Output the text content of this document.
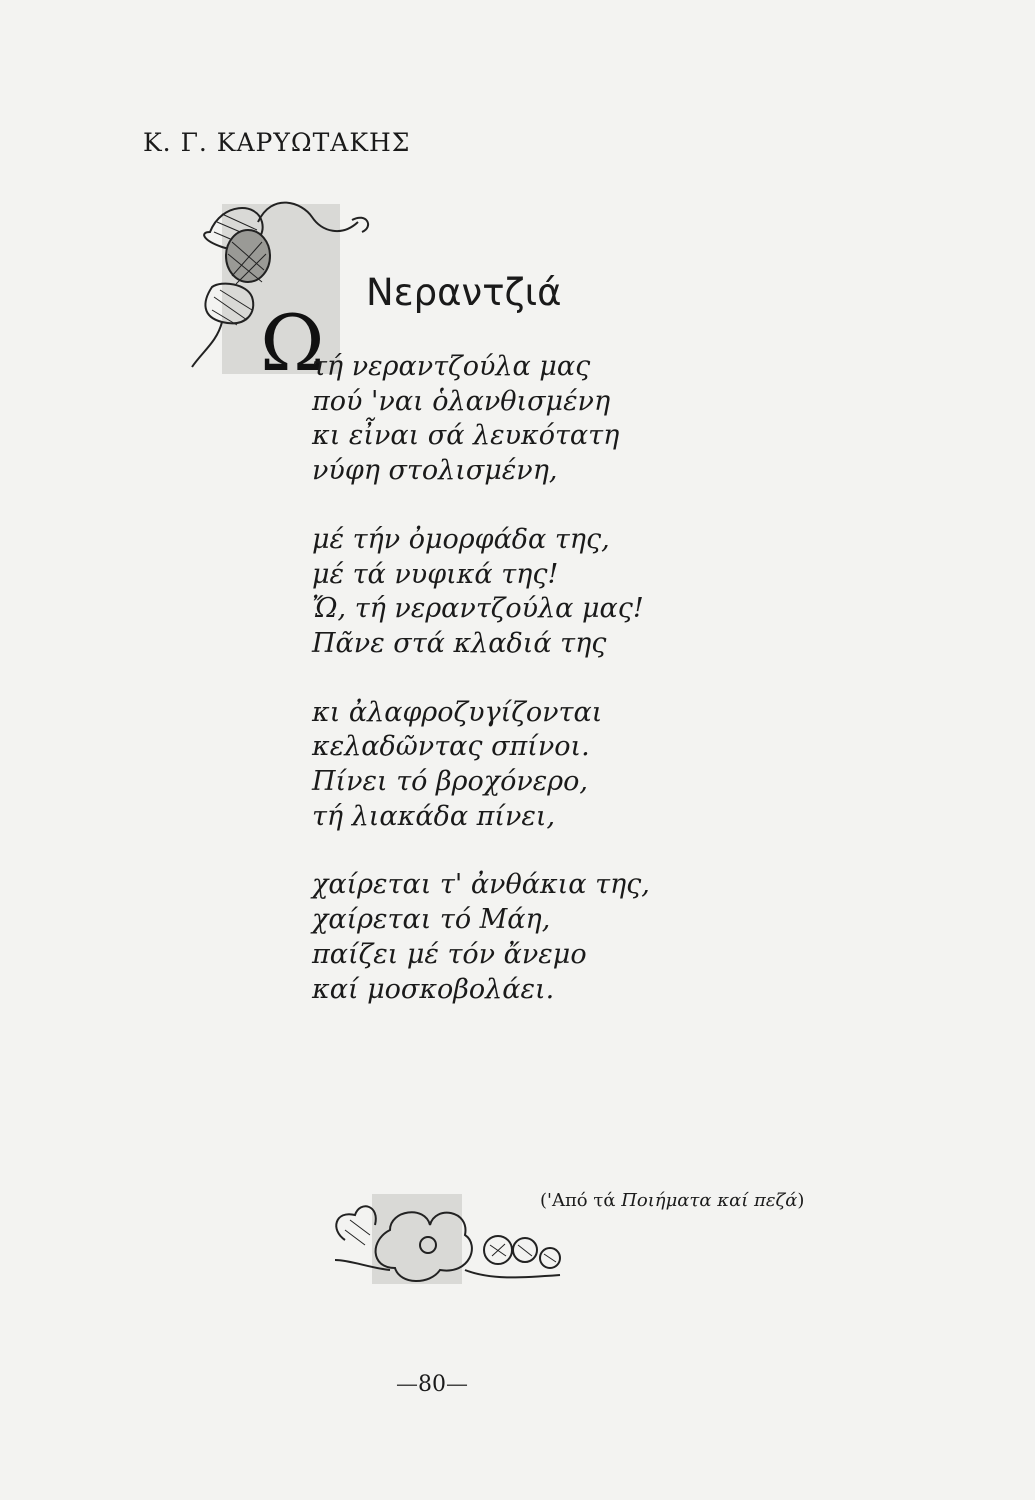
Κ. Γ. ΚΑΡΥΩΤΑΚΗΣ
Ω
Νεραντζιά
τή νεραντζούλα μας
πού 'ναι ὁλανθισμένη
κι εἶναι σά λευκότατη
νύφη στολισμένη,
μέ τήν ὀμορφάδα της,
μέ τά νυφικά της!
Ὤ, τή νεραντζούλα μας!
Πᾶνε στά κλαδιά της
κι ἀλαφροζυγίζονται
κελαδῶντας σπίνοι.
Πίνει τό βροχόνερο,
τή λιακάδα πίνει,
χαίρεται τ' ἀνθάκια της,
χαίρεται τό Μάη,
παίζει μέ τόν ἄνεμο
καί μοσκοβολάει.
('Από τά Ποιήματα καί πεζά)
—80—
